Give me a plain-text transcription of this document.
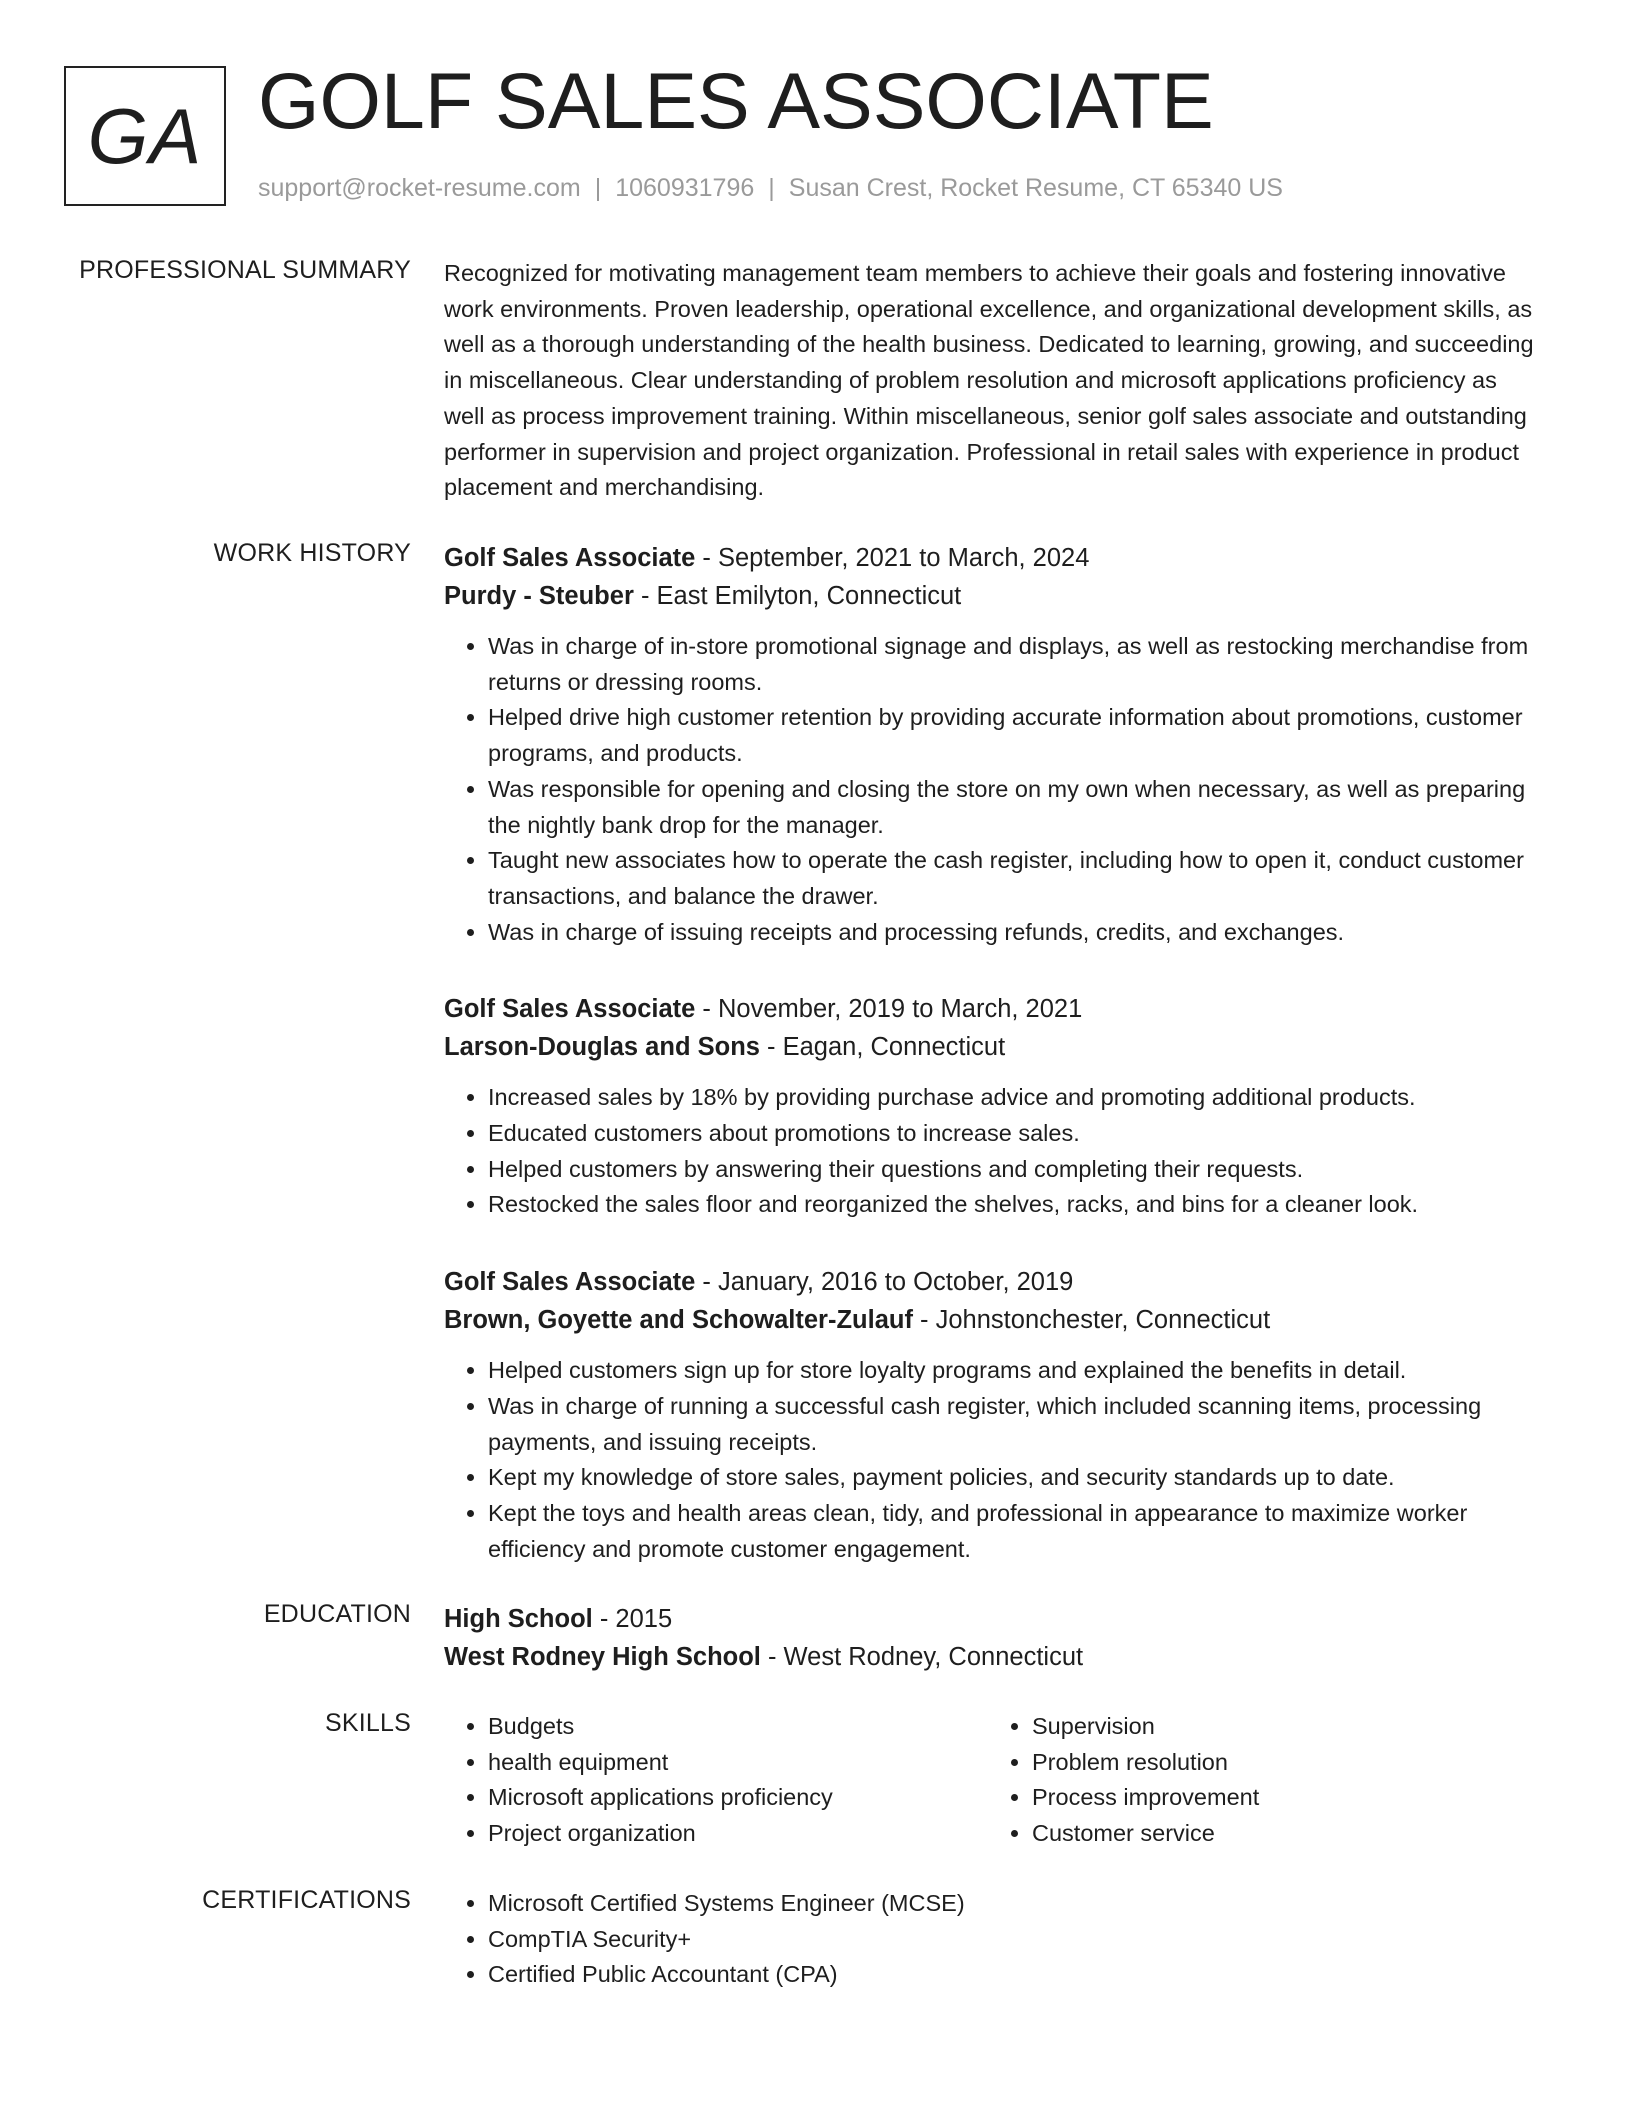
GA GOLF SALES ASSOCIATE
support@rocket-resume.com | 1060931796 | Susan Crest, Rocket Resume, CT 65340 US
PROFESSIONAL SUMMARY Recognized for motivating management team members to achieve their goals and fostering innovative work environments. Proven leadership, operational excellence, and organizational development skills, as well as a thorough understanding of the health business. Dedicated to learning, growing, and succeeding in miscellaneous. Clear understanding of problem resolution and microsoft applications proficiency as well as process improvement training. Within miscellaneous, senior golf sales associate and outstanding performer in supervision and project organization. Professional in retail sales with experience in product placement and merchandising.

WORK HISTORY Golf Sales Associate - September, 2021 to March, 2024
Purdy - Steuber - East Emilyton, Connecticut
• Was in charge of in-store promotional signage and displays, as well as restocking merchandise from returns or dressing rooms.
• Helped drive high customer retention by providing accurate information about promotions, customer programs, and products.
• Was responsible for opening and closing the store on my own when necessary, as well as preparing the nightly bank drop for the manager.
• Taught new associates how to operate the cash register, including how to open it, conduct customer transactions, and balance the drawer.
• Was in charge of issuing receipts and processing refunds, credits, and exchanges.
Golf Sales Associate - November, 2019 to March, 2021
Larson-Douglas and Sons - Eagan, Connecticut
• Increased sales by 18% by providing purchase advice and promoting additional products.
• Educated customers about promotions to increase sales.
• Helped customers by answering their questions and completing their requests.
• Restocked the sales floor and reorganized the shelves, racks, and bins for a cleaner look.
Golf Sales Associate - January, 2016 to October, 2019
Brown, Goyette and Schowalter-Zulauf - Johnstonchester, Connecticut
• Helped customers sign up for store loyalty programs and explained the benefits in detail.
• Was in charge of running a successful cash register, which included scanning items, processing payments, and issuing receipts.
• Kept my knowledge of store sales, payment policies, and security standards up to date.
• Kept the toys and health areas clean, tidy, and professional in appearance to maximize worker efficiency and promote customer engagement.
EDUCATION High School - 2015
West Rodney High School - West Rodney, Connecticut
SKILLS	• Budgets
• health equipment
• Microsoft applications proficiency
• Project organization
• Supervision
• Problem resolution
• Process improvement
• Customer service
CERTIFICATIONS	• Microsoft Certified Systems Engineer (MCSE)
• CompTIA Security+
• Certified Public Accountant (CPA)
